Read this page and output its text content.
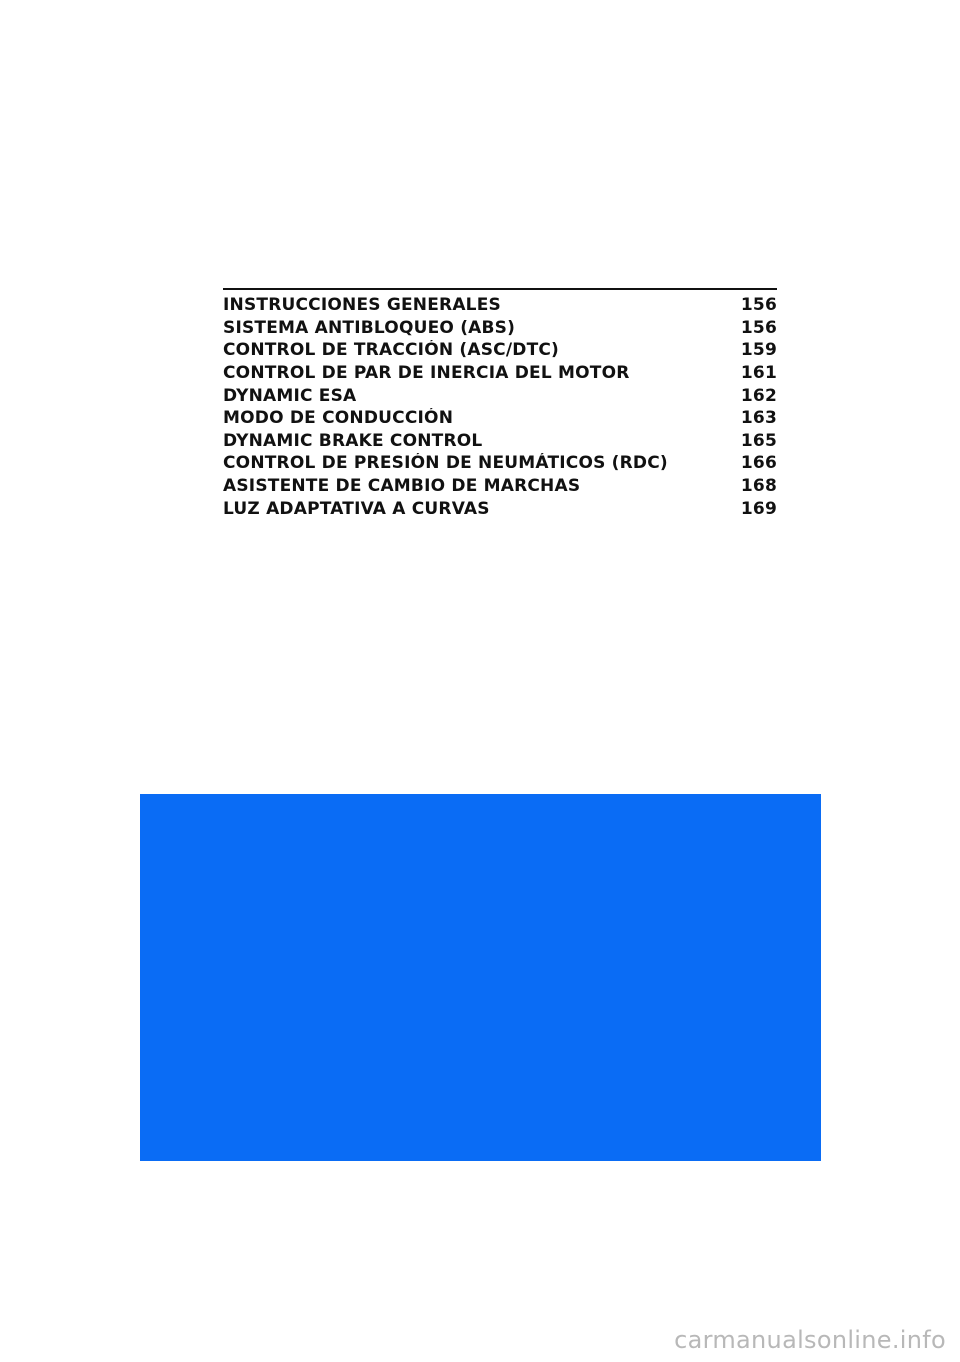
INSTRUCCIONES GENERALES	156
SISTEMA ANTIBLOQUEO (ABS)	156
CONTROL DE TRACCIÓN (ASC/DTC)	159
CONTROL DE PAR DE INERCIA DEL MOTOR	161
DYNAMIC ESA	162
MODO DE CONDUCCIÓN	163
DYNAMIC BRAKE CONTROL	165
CONTROL DE PRESIÓN DE NEUMÁTICOS (RDC)	166
ASISTENTE DE CAMBIO DE MARCHAS	168
LUZ ADAPTATIVA A CURVAS	169
carmanualsonline.info
